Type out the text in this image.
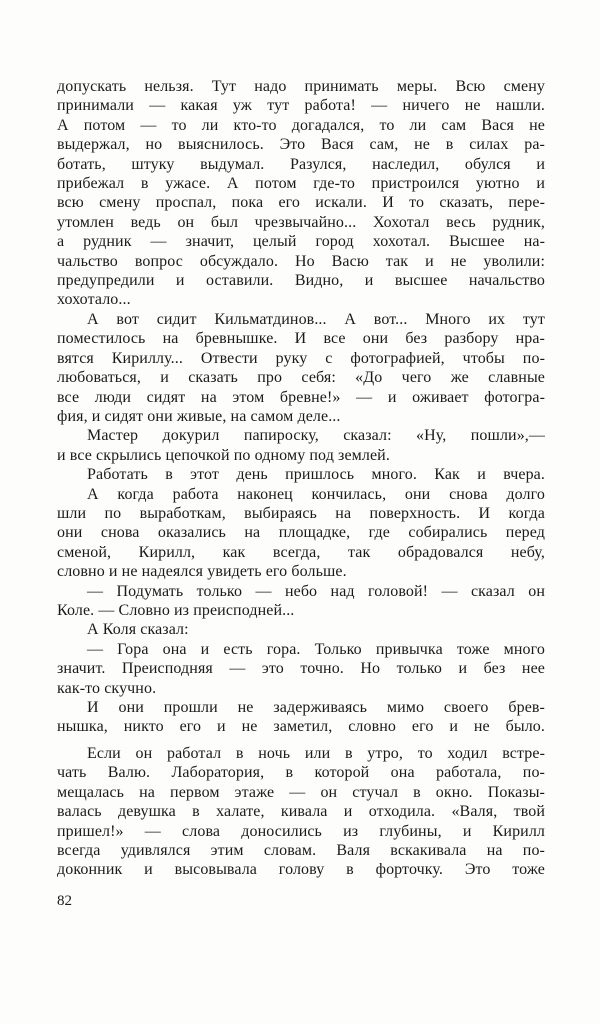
допускать нельзя. Тут надо принимать меры. Всю смену
принимали — какая уж тут работа! — ничего не нашли.
А потом — то ли кто-то догадался, то ли сам Вася не
выдержал, но выяснилось. Это Вася сам, не в силах ра-
ботать, штуку выдумал. Разулся, наследил, обулся и
прибежал в ужасе. А потом где-то пристроился уютно и
всю смену проспал, пока его искали. И то сказать, пере-
утомлен ведь он был чрезвычайно... Хохотал весь рудник,
а рудник — значит, целый город хохотал. Высшее на-
чальство вопрос обсуждало. Но Васю так и не уволили:
предупредили и оставили. Видно, и высшее начальство
хохотало...
А вот сидит Кильматдинов... А вот... Много их тут
поместилось на бревнышке. И все они без разбору нра-
вятся Кириллу... Отвести руку с фотографией, чтобы по-
любоваться, и сказать про себя: «До чего же славные
все люди сидят на этом бревне!» — и оживает фотогра-
фия, и сидят они живые, на самом деле...
Мастер докурил папироску, сказал: «Ну, пошли»,—
и все скрылись цепочкой по одному под землей.
Работать в этот день пришлось много. Как и вчера.
А когда работа наконец кончилась, они снова долго
шли по выработкам, выбираясь на поверхность. И когда
они снова оказались на площадке, где собирались перед
сменой, Кирилл, как всегда, так обрадовался небу,
словно и не надеялся увидеть его больше.
— Подумать только — небо над головой! — сказал он
Коле. — Словно из преисподней...
А Коля сказал:
— Гора она и есть гора. Только привычка тоже много
значит. Преисподняя — это точно. Но только и без нее
как-то скучно.
И они прошли не задерживаясь мимо своего брев-
нышка, никто его и не заметил, словно его и не было.
Если он работал в ночь или в утро, то ходил встре-
чать Валю. Лаборатория, в которой она работала, по-
мещалась на первом этаже — он стучал в окно. Показы-
валась девушка в халате, кивала и отходила. «Валя, твой
пришел!» — слова доносились из глубины, и Кирилл
всегда удивлялся этим словам. Валя вскакивала на по-
доконник и высовывала голову в форточку. Это тоже
82
